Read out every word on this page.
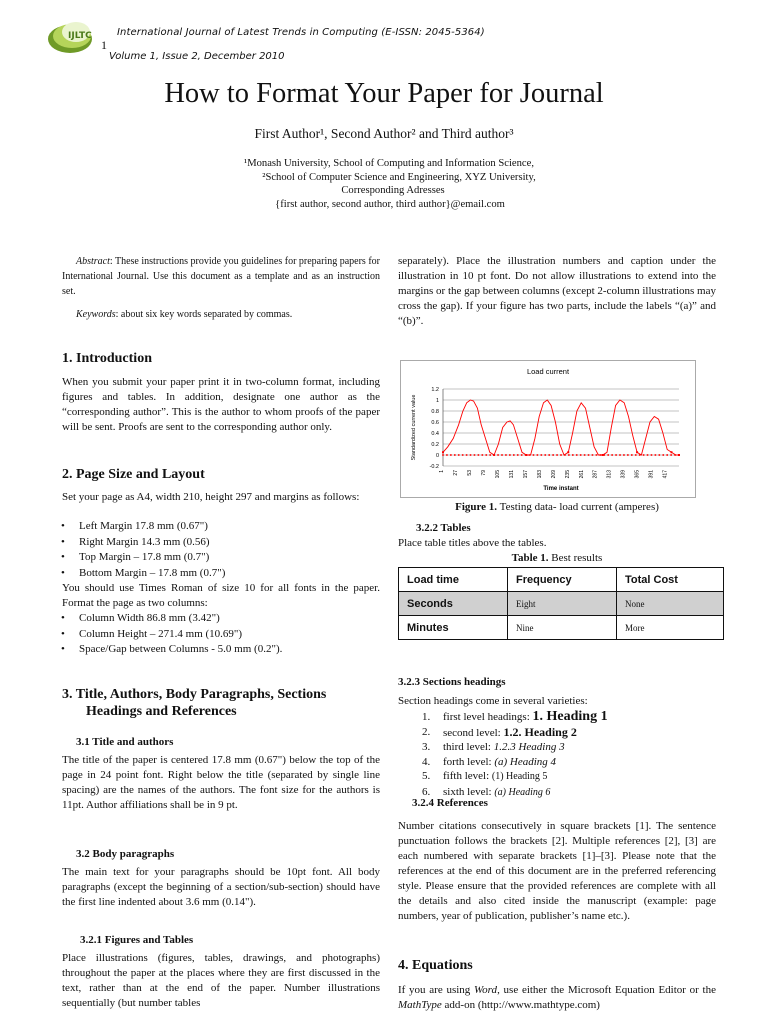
IJLTC
1
International Journal of Latest Trends in Computing (E-ISSN: 2045-5364)
Volume 1, Issue 2, December 2010
How to Format Your Paper for Journal
First Author¹, Second Author² and Third author³
¹Monash University, School of Computing and Information Science,
²School of Computer Science and Engineering, XYZ University,
Corresponding Adresses
{first author, second author, third author}@email.com
Abstract: These instructions provide you guidelines for preparing papers for International Journal. Use this document as a template and as an instruction set.
Keywords: about six key words separated by commas.
1. Introduction
When you submit your paper print it in two-column format, including figures and tables. In addition, designate one author as the “corresponding author”. This is the author to whom proofs of the paper will be sent. Proofs are sent to the corresponding author only.
2. Page Size and Layout
Set your page as A4, width 210, height 297 and margins as follows:
• Left Margin 17.8 mm (0.67")
• Right Margin 14.3 mm (0.56)
• Top Margin – 17.8 mm (0.7")
• Bottom Margin – 17.8 mm (0.7")
You should use Times Roman of size 10 for all fonts in the paper. Format the page as two columns:
• Column Width 86.8 mm (3.42")
• Column Height – 271.4 mm (10.69")
• Space/Gap between Columns - 5.0 mm (0.2").
3. Title, Authors, Body Paragraphs, Sections
Headings and References
3.1 Title and authors
The title of the paper is centered 17.8 mm (0.67") below the top of the page in 24 point font. Right below the title (separated by single line spacing) are the names of the authors. The font size for the authors is 11pt. Author affiliations shall be in 9 pt.
3.2 Body paragraphs
The main text for your paragraphs should be 10pt font. All body paragraphs (except the beginning of a section/sub-section) should have the first line indented about 3.6 mm (0.14").
3.2.1 Figures and Tables
Place illustrations (figures, tables, drawings, and photographs) throughout the paper at the places where they are first discussed in the text, rather than at the end of the paper. Number illustrations sequentially (but number tables
separately). Place the illustration numbers and caption under the illustration in 10 pt font. Do not allow illustrations to extend into the margins or the gap between columns (except 2-column illustrations may cross the gap). If your figure has two parts, include the labels “(a)” and “(b)”.
Load current
1.2
1
0.8
0.6
0.4
0.2
0
-0.2
1 27 53 79 105 131 157 183 209 235 261 287 313 339 365 391 417
Time instant
Standardized current value
Figure 1. Testing data- load current (amperes)
3.2.2 Tables
Place table titles above the tables.
Table 1. Best results
Load time	Frequency	Total Cost
Seconds	Eight	None
Minutes	Nine	More
3.2.3 Sections headings
Section headings come in several varieties:
1. first level headings: 1. Heading 1
2. second level: 1.2. Heading 2
3. third level: 1.2.3 Heading 3
4. forth level: (a) Heading 4
5. fifth level: (1) Heading 5
6. sixth level: (a) Heading 6
3.2.4 References
Number citations consecutively in square brackets [1]. The sentence punctuation follows the brackets [2]. Multiple references [2], [3] are each numbered with separate brackets [1]–[3]. Please note that the references at the end of this document are in the preferred referencing style. Please ensure that the provided references are complete with all the details and also cited inside the manuscript (example: page numbers, year of publication, publisher’s name etc.).
4. Equations
If you are using Word, use either the Microsoft Equation Editor or the MathType add-on (http://www.mathtype.com)
